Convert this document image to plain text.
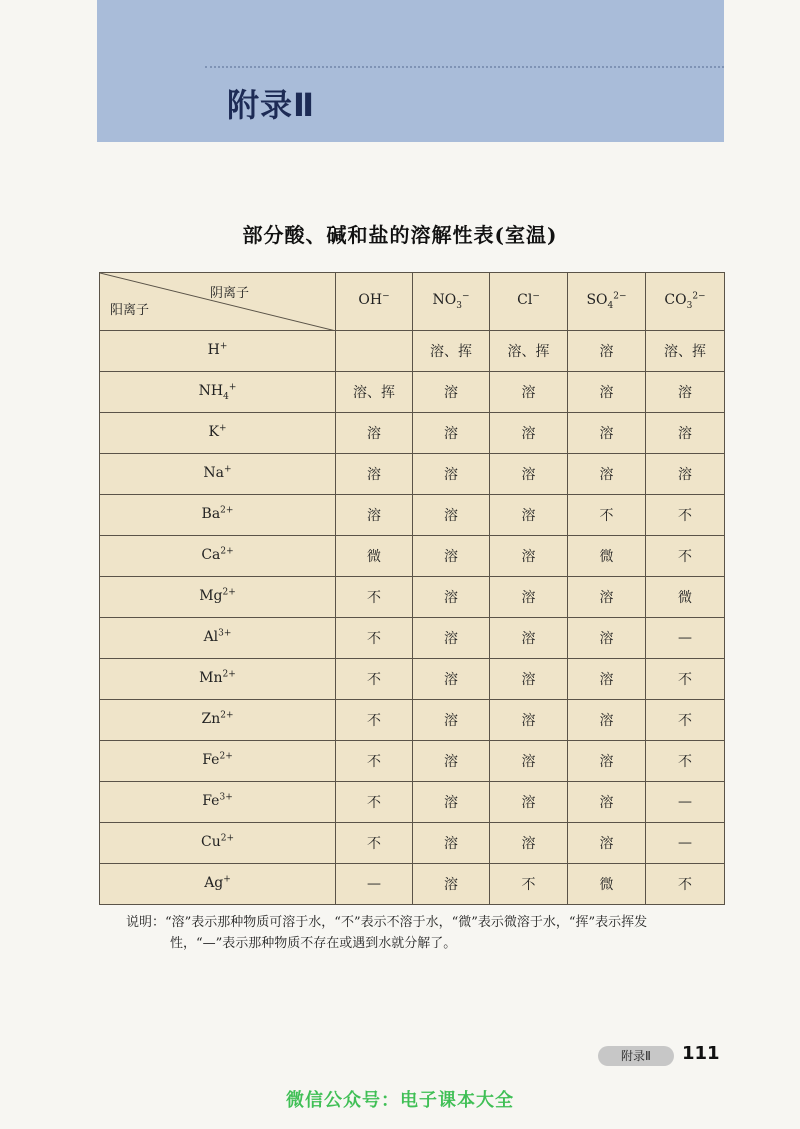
附录Ⅱ
部分酸、碱和盐的溶解性表(室温)
阴离子
阳离子	OH−	$NO_3^-$	Cl−	$SO_4^{2-}$	$CO_3^{2-}$
H+		溶、挥	溶、挥	溶	溶、挥
$NH_4^+$	溶、挥	溶	溶	溶	溶
K+	溶	溶	溶	溶	溶
Na+	溶	溶	溶	溶	溶
$Ba^{2+}$	溶	溶	溶	不	不
$Ca^{2+}$	微	溶	溶	微	不
$Mg^{2+}$	不	溶	溶	溶	微
$Al^{3+}$	不	溶	溶	溶	—
$Mn^{2+}$	不	溶	溶	溶	不
$Zn^{2+}$	不	溶	溶	溶	不
$Fe^{2+}$	不	溶	溶	溶	不
$Fe^{3+}$	不	溶	溶	溶	—
$Cu^{2+}$	不	溶	溶	溶	—
Ag+	—	溶	不	微	不
说明：“溶”表示那种物质可溶于水，“不”表示不溶于水，“微”表示微溶于水，“挥”表示挥发
性，“—”表示那种物质不存在或遇到水就分解了。
附录Ⅱ	111
微信公众号：电子课本大全
